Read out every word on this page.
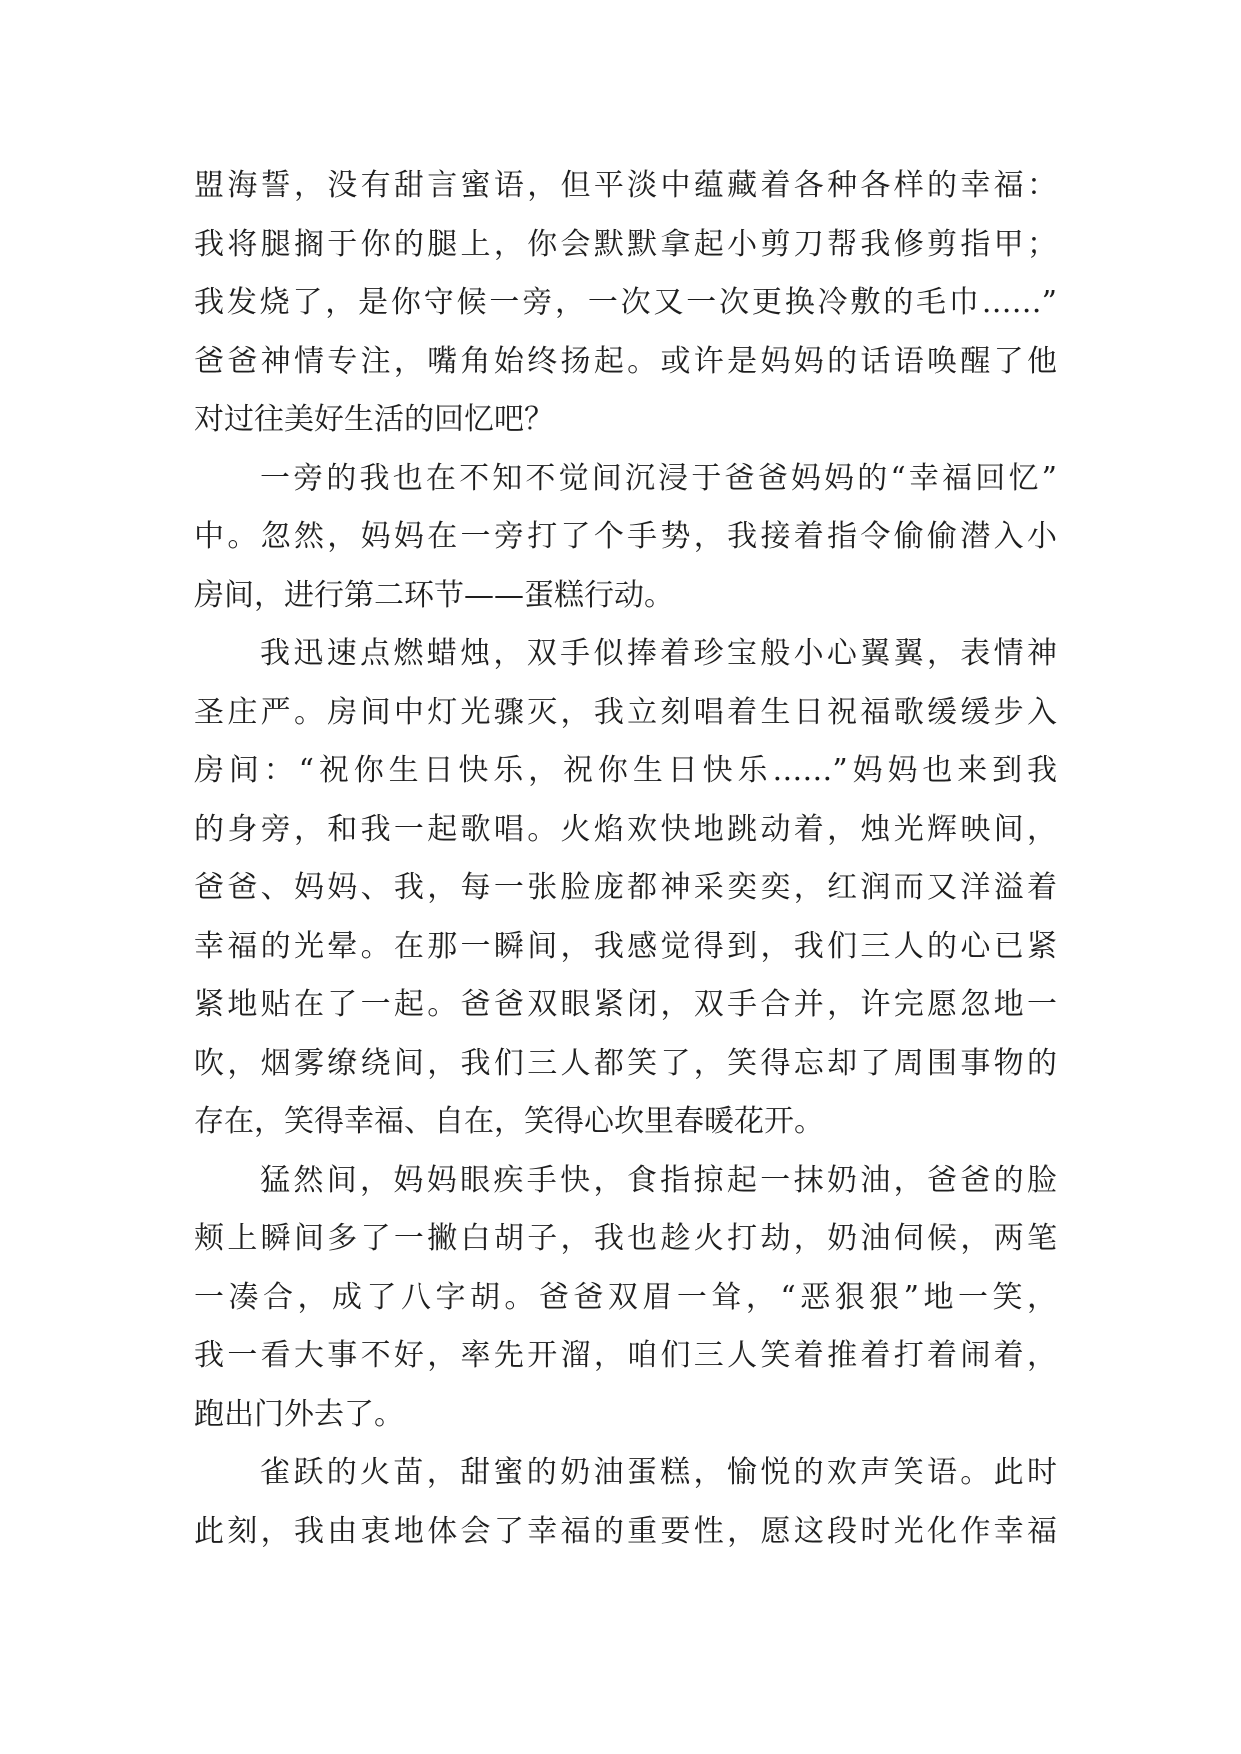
盟海誓，没有甜言蜜语，但平淡中蕴藏着各种各样的幸福：
我将腿搁于你的腿上，你会默默拿起小剪刀帮我修剪指甲；
我发烧了，是你守候一旁，一次又一次更换冷敷的毛巾……”
爸爸神情专注，嘴角始终扬起。或许是妈妈的话语唤醒了他
对过往美好生活的回忆吧？
一旁的我也在不知不觉间沉浸于爸爸妈妈的“幸福回忆”
中。忽然，妈妈在一旁打了个手势，我接着指令偷偷潜入小
房间，进行第二环节——蛋糕行动。
我迅速点燃蜡烛，双手似捧着珍宝般小心翼翼，表情神
圣庄严。房间中灯光骤灭，我立刻唱着生日祝福歌缓缓步入
房间：“祝你生日快乐，祝你生日快乐……”妈妈也来到我
的身旁，和我一起歌唱。火焰欢快地跳动着，烛光辉映间，
爸爸、妈妈、我，每一张脸庞都神采奕奕，红润而又洋溢着
幸福的光晕。在那一瞬间，我感觉得到，我们三人的心已紧
紧地贴在了一起。爸爸双眼紧闭，双手合并，许完愿忽地一
吹，烟雾缭绕间，我们三人都笑了，笑得忘却了周围事物的
存在，笑得幸福、自在，笑得心坎里春暖花开。
猛然间，妈妈眼疾手快，食指掠起一抹奶油，爸爸的脸
颊上瞬间多了一撇白胡子，我也趁火打劫，奶油伺候，两笔
一凑合，成了八字胡。爸爸双眉一耸，“恶狠狠”地一笑，
我一看大事不好，率先开溜，咱们三人笑着推着打着闹着，
跑出门外去了。
雀跃的火苗，甜蜜的奶油蛋糕，愉悦的欢声笑语。此时
此刻，我由衷地体会了幸福的重要性，愿这段时光化作幸福
